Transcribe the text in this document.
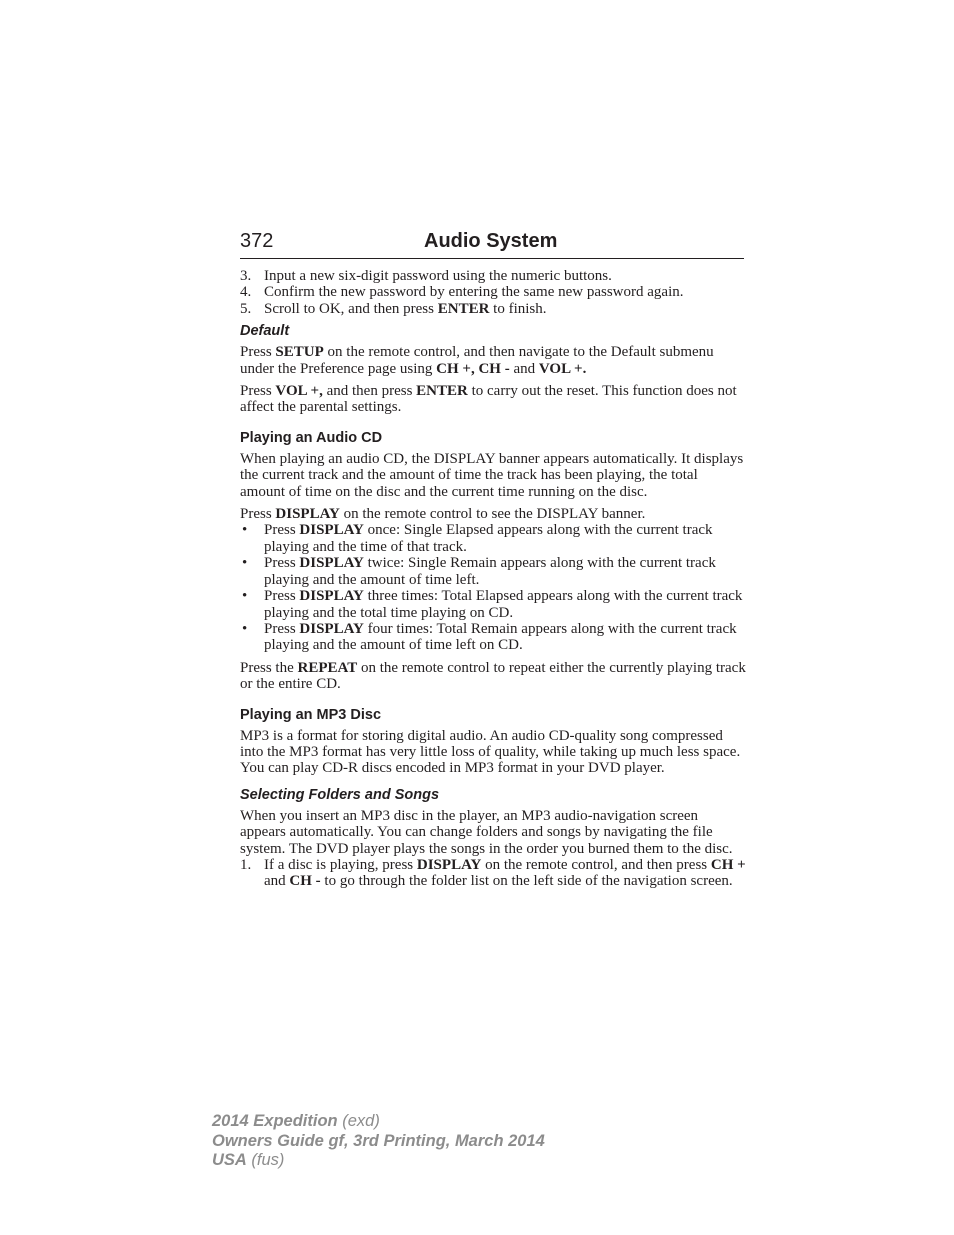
372	Audio System
3. Input a new six-digit password using the numeric buttons.
4. Confirm the new password by entering the same new password again.
5. Scroll to OK, and then press ENTER to finish.
Default

Press SETUP on the remote control, and then navigate to the Default submenu under the Preference page using CH +, CH - and VOL +.

Press VOL +, and then press ENTER to carry out the reset. This function does not affect the parental settings.

Playing an Audio CD

When playing an audio CD, the DISPLAY banner appears automatically. It displays the current track and the amount of time the track has been playing, the total amount of time on the disc and the current time running on the disc.

Press DISPLAY on the remote control to see the DISPLAY banner.

• Press DISPLAY once: Single Elapsed appears along with the current track playing and the time of that track.
• Press DISPLAY twice: Single Remain appears along with the current track playing and the amount of time left.
• Press DISPLAY three times: Total Elapsed appears along with the current track playing and the total time playing on CD.
• Press DISPLAY four times: Total Remain appears along with the current track playing and the amount of time left on CD.

Press the REPEAT on the remote control to repeat either the currently playing track or the entire CD.

Playing an MP3 Disc

MP3 is a format for storing digital audio. An audio CD-quality song compressed into the MP3 format has very little loss of quality, while taking up much less space. You can play CD-R discs encoded in MP3 format in your DVD player.

Selecting Folders and Songs

When you insert an MP3 disc in the player, an MP3 audio-navigation screen appears automatically. You can change folders and songs by navigating the file system. The DVD player plays the songs in the order you burned them to the disc.

1. If a disc is playing, press DISPLAY on the remote control, and then press CH + and CH - to go through the folder list on the left side of the navigation screen.
2014 Expedition (exd)
Owners Guide gf, 3rd Printing, March 2014
USA (fus)
